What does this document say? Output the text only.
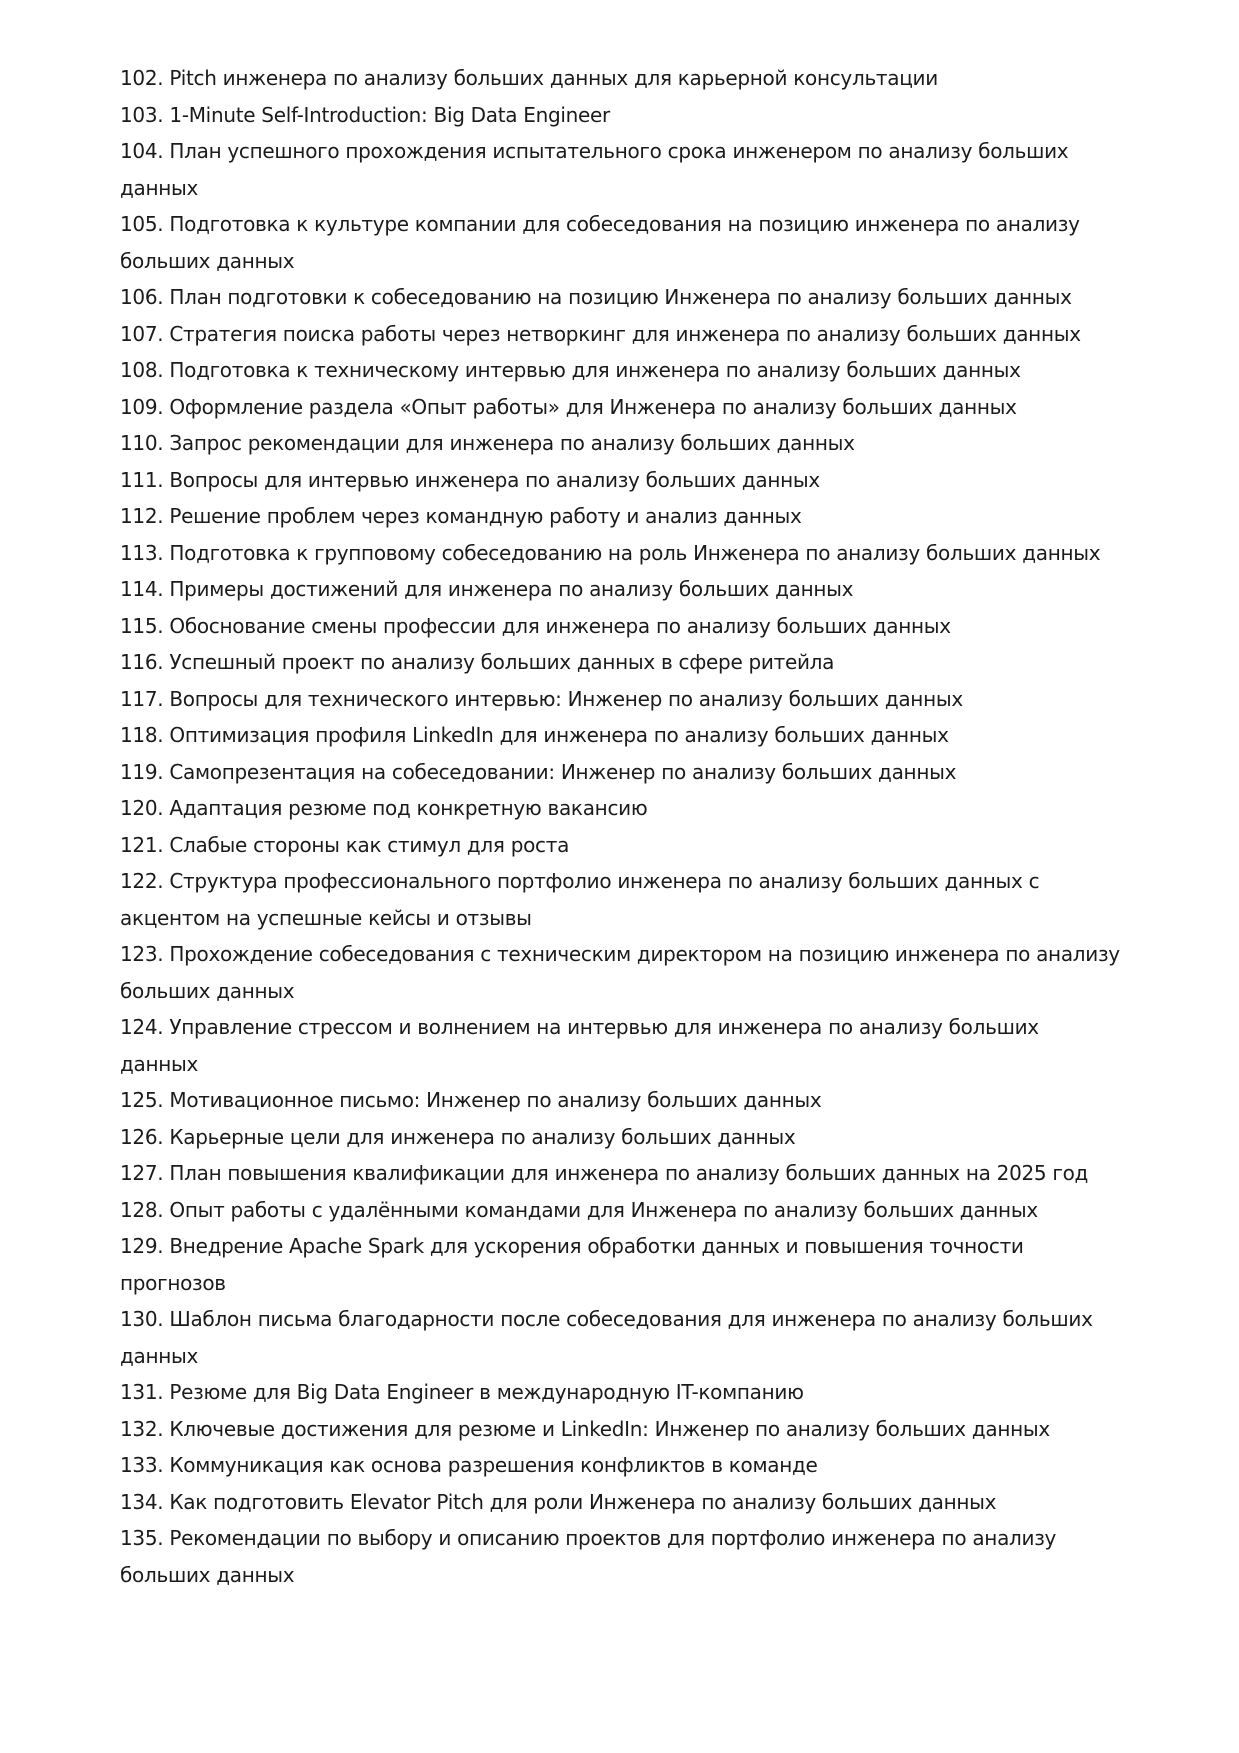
102. Pitch инженера по анализу больших данных для карьерной консультации
103. 1-Minute Self-Introduction: Big Data Engineer
104. План успешного прохождения испытательного срока инженером по анализу больших данных
105. Подготовка к культуре компании для собеседования на позицию инженера по анализу больших данных
106. План подготовки к собеседованию на позицию Инженера по анализу больших данных
107. Стратегия поиска работы через нетворкинг для инженера по анализу больших данных
108. Подготовка к техническому интервью для инженера по анализу больших данных
109. Оформление раздела «Опыт работы» для Инженера по анализу больших данных
110. Запрос рекомендации для инженера по анализу больших данных
111. Вопросы для интервью инженера по анализу больших данных
112. Решение проблем через командную работу и анализ данных
113. Подготовка к групповому собеседованию на роль Инженера по анализу больших данных
114. Примеры достижений для инженера по анализу больших данных
115. Обоснование смены профессии для инженера по анализу больших данных
116. Успешный проект по анализу больших данных в сфере ритейла
117. Вопросы для технического интервью: Инженер по анализу больших данных
118. Оптимизация профиля LinkedIn для инженера по анализу больших данных
119. Самопрезентация на собеседовании: Инженер по анализу больших данных
120. Адаптация резюме под конкретную вакансию
121. Слабые стороны как стимул для роста
122. Структура профессионального портфолио инженера по анализу больших данных с акцентом на успешные кейсы и отзывы
123. Прохождение собеседования с техническим директором на позицию инженера по анализу больших данных
124. Управление стрессом и волнением на интервью для инженера по анализу больших данных
125. Мотивационное письмо: Инженер по анализу больших данных
126. Карьерные цели для инженера по анализу больших данных
127. План повышения квалификации для инженера по анализу больших данных на 2025 год
128. Опыт работы с удалёнными командами для Инженера по анализу больших данных
129. Внедрение Apache Spark для ускорения обработки данных и повышения точности прогнозов
130. Шаблон письма благодарности после собеседования для инженера по анализу больших данных
131. Резюме для Big Data Engineer в международную IT-компанию
132. Ключевые достижения для резюме и LinkedIn: Инженер по анализу больших данных
133. Коммуникация как основа разрешения конфликтов в команде
134. Как подготовить Elevator Pitch для роли Инженера по анализу больших данных
135. Рекомендации по выбору и описанию проектов для портфолио инженера по анализу больших данных
